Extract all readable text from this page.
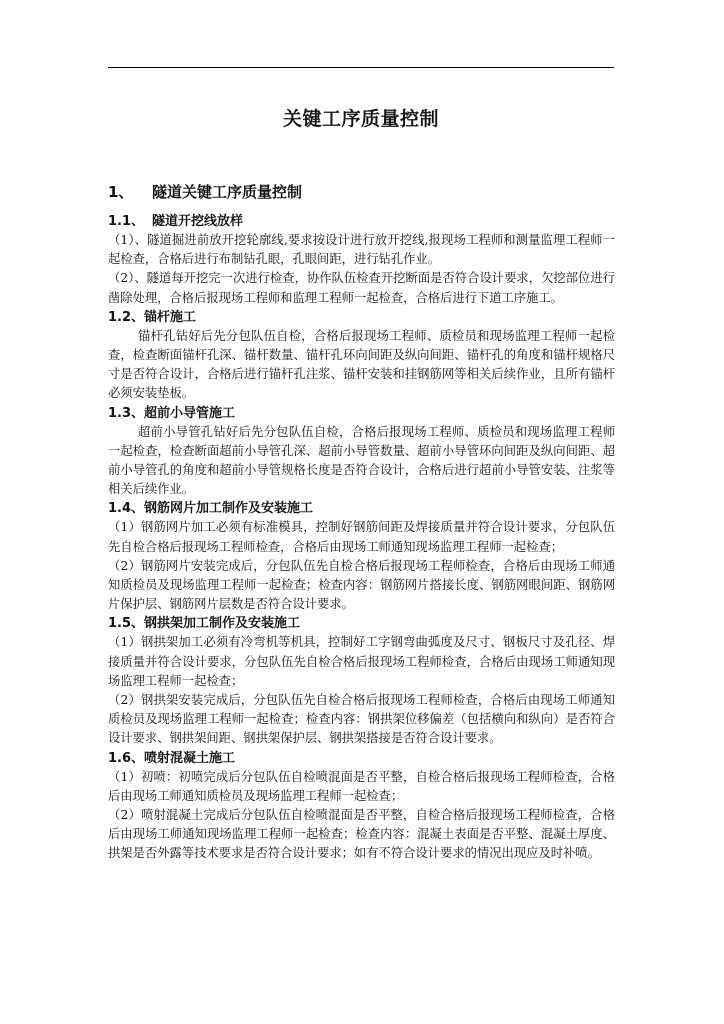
关键工序质量控制
1、 隧道关键工序质量控制
1.1、 隧道开挖线放样
（1）、隧道掘进前放开挖轮廓线,要求按设计进行放开挖线,报现场工程师和测量监理工程师一起检查，合格后进行布制钻孔眼，孔眼间距，进行钻孔作业。
（2）、隧道每开挖完一次进行检查，协作队伍检查开挖断面是否符合设计要求，欠挖部位进行凿除处理，合格后报现场工程师和监理工程师一起检查，合格后进行下道工序施工。
1.2、锚杆施工
锚杆孔钻好后先分包队伍自检，合格后报现场工程师、质检员和现场监理工程师一起检查，检查断面锚杆孔深、锚杆数量、锚杆孔环向间距及纵向间距、锚杆孔的角度和锚杆规格尺寸是否符合设计，合格后进行锚杆孔注浆、锚杆安装和挂钢筋网等相关后续作业，且所有锚杆必须安装垫板。
1.3、超前小导管施工
超前小导管孔钻好后先分包队伍自检，合格后报现场工程师、质检员和现场监理工程师一起检查，检查断面超前小导管孔深、超前小导管数量、超前小导管环向间距及纵向间距、超前小导管孔的角度和超前小导管规格长度是否符合设计，合格后进行超前小导管安装、注浆等相关后续作业。
1.4、钢筋网片加工制作及安装施工
（1）钢筋网片加工必须有标准模具，控制好钢筋间距及焊接质量并符合设计要求，分包队伍先自检合格后报现场工程师检查，合格后由现场工师通知现场监理工程师一起检查；
（2）钢筋网片安装完成后，分包队伍先自检合格后报现场工程师检查，合格后由现场工师通知质检员及现场监理工程师一起检查；检查内容：钢筋网片搭接长度、钢筋网眼间距、钢筋网片保护层、钢筋网片层数是否符合设计要求。
1.5、钢拱架加工制作及安装施工
（1）钢拱架加工必须有冷弯机等机具，控制好工字钢弯曲弧度及尺寸、钢板尺寸及孔径、焊接质量并符合设计要求，分包队伍先自检合格后报现场工程师检查，合格后由现场工师通知现场监理工程师一起检查；
（2）钢拱架安装完成后，分包队伍先自检合格后报现场工程师检查，合格后由现场工师通知质检员及现场监理工程师一起检查；检查内容：钢拱架位移偏差（包括横向和纵向）是否符合设计要求、钢拱架间距、钢拱架保护层、钢拱架搭接是否符合设计要求。
1.6、喷射混凝土施工
（1）初喷：初喷完成后分包队伍自检喷混面是否平整，自检合格后报现场工程师检查，合格后由现场工师通知质检员及现场监理工程师一起检查；
（2）喷射混凝土完成后分包队伍自检喷混面是否平整，自检合格后报现场工程师检查，合格后由现场工师通知现场监理工程师一起检查；检查内容：混凝土表面是否平整、混凝土厚度、拱架是否外露等技术要求是否符合设计要求；如有不符合设计要求的情况出现应及时补喷。
